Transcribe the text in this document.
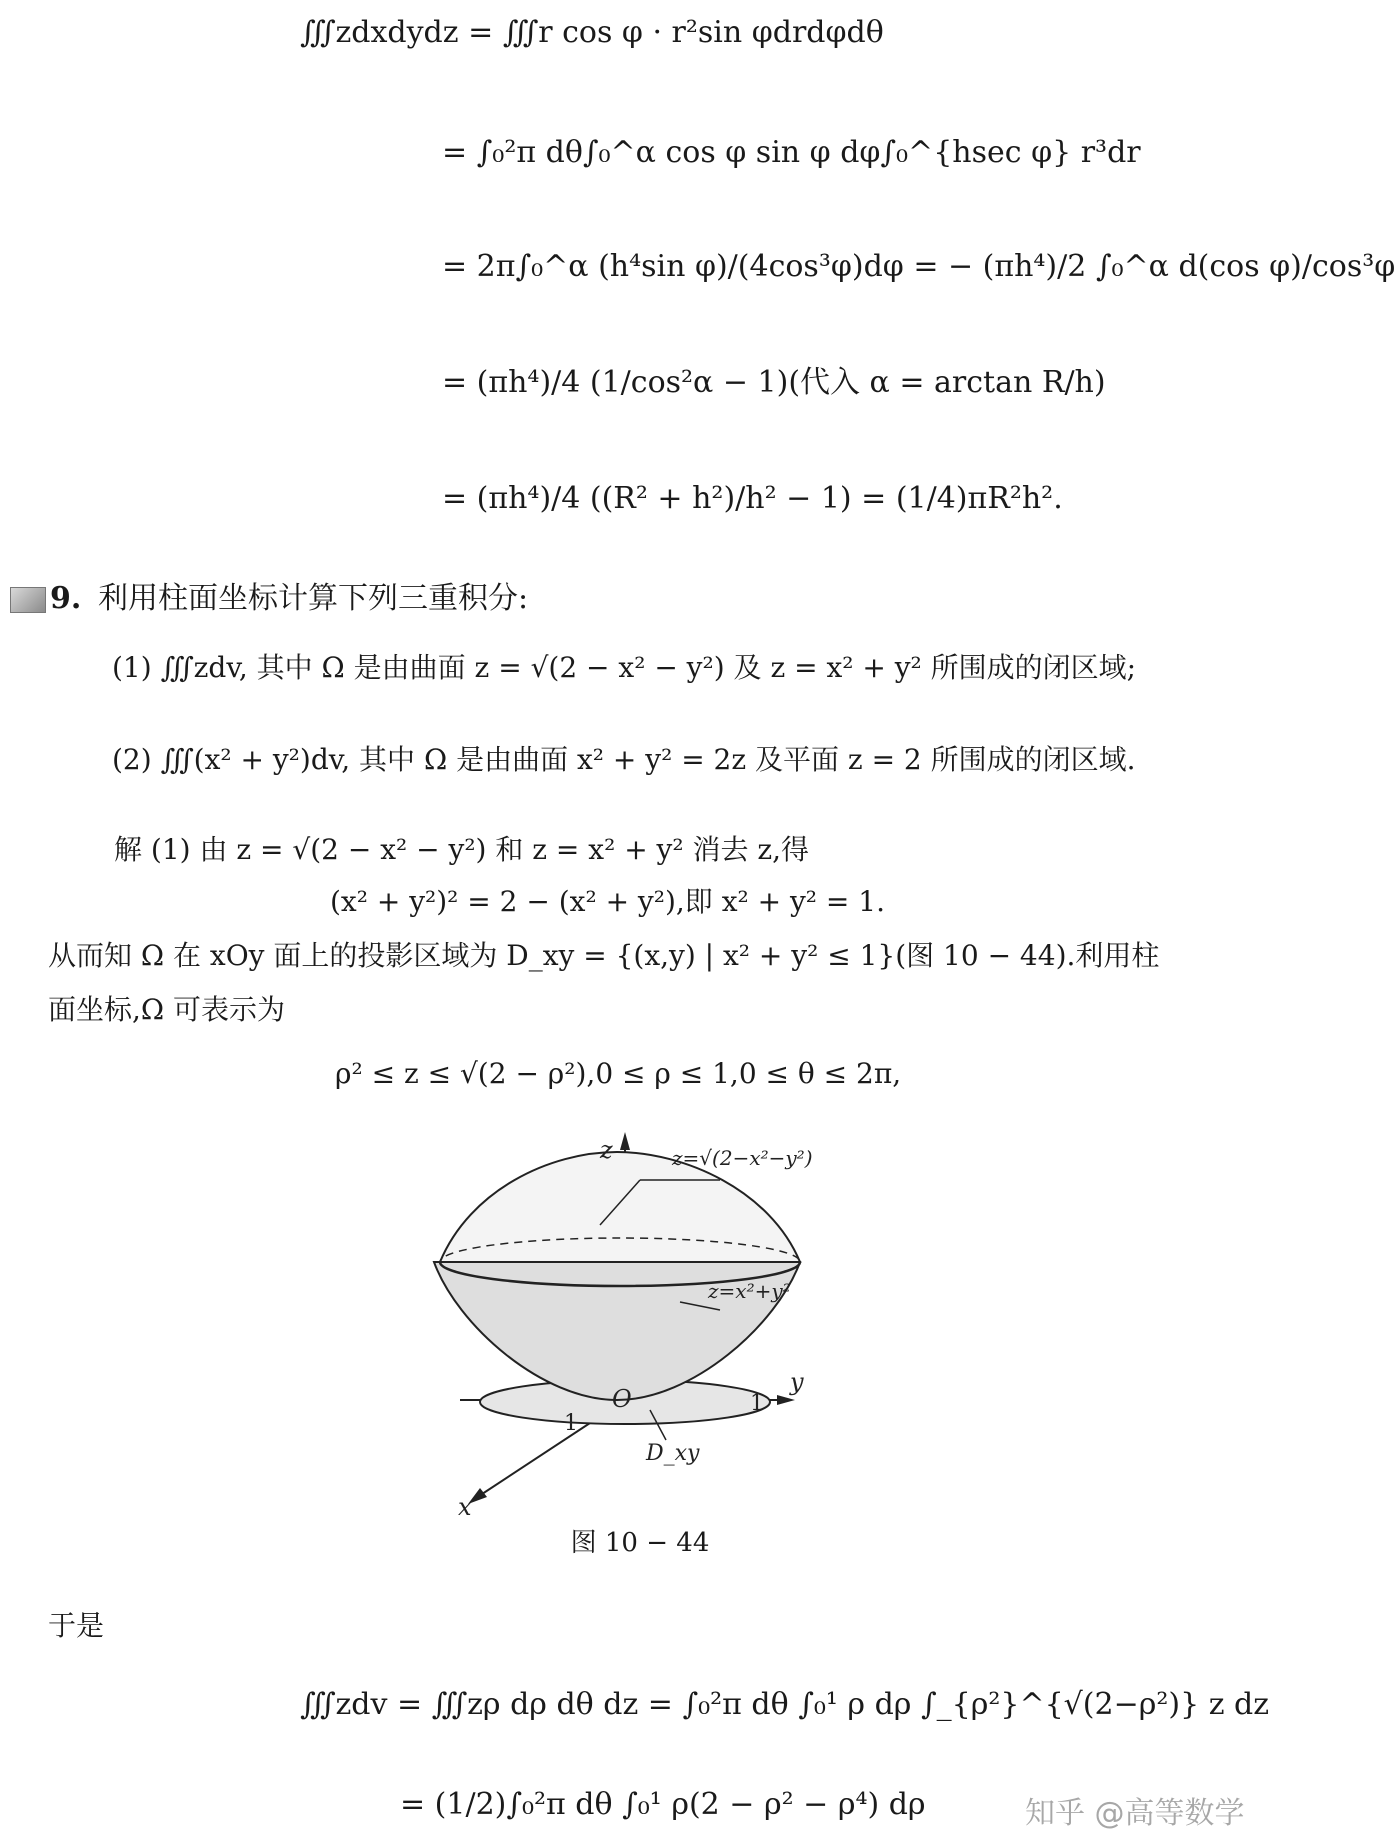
∭zdxdydz = ∭r cos φ · r²sin φdrdφdθ
= ∫₀²π dθ∫₀^α cos φ sin φ dφ∫₀^{hsec φ} r³dr
= 2π∫₀^α (h⁴sin φ)/(4cos³φ)dφ = − (πh⁴)/2 ∫₀^α d(cos φ)/cos³φ
= (πh⁴)/4 (1/cos²α − 1)(代入 α = arctan R/h)
= (πh⁴)/4 ((R² + h²)/h² − 1) = (1/4)πR²h².
9. 利用柱面坐标计算下列三重积分:
(1) ∭zdv, 其中 Ω 是由曲面 z = √(2 − x² − y²) 及 z = x² + y² 所围成的闭区域;
(2) ∭(x² + y²)dv, 其中 Ω 是由曲面 x² + y² = 2z 及平面 z = 2 所围成的闭区域.
解 (1) 由 z = √(2 − x² − y²) 和 z = x² + y² 消去 z,得
(x² + y²)² = 2 − (x² + y²),即 x² + y² = 1.
从而知 Ω 在 xOy 面上的投影区域为 D_xy = {(x,y) | x² + y² ≤ 1}(图 10 − 44).利用柱
面坐标,Ω 可表示为
ρ² ≤ z ≤ √(2 − ρ²),0 ≤ ρ ≤ 1,0 ≤ θ ≤ 2π,
z
y
x
O	1
1
z=√(2−x²−y²)
z=x²+y²
D_xy
图 10 − 44
于是
∭zdv = ∭zρ dρ dθ dz = ∫₀²π dθ ∫₀¹ ρ dρ ∫_{ρ²}^{√(2−ρ²)} z dz
= (1/2)∫₀²π dθ ∫₀¹ ρ(2 − ρ² − ρ⁴) dρ	知乎 @高等数学
